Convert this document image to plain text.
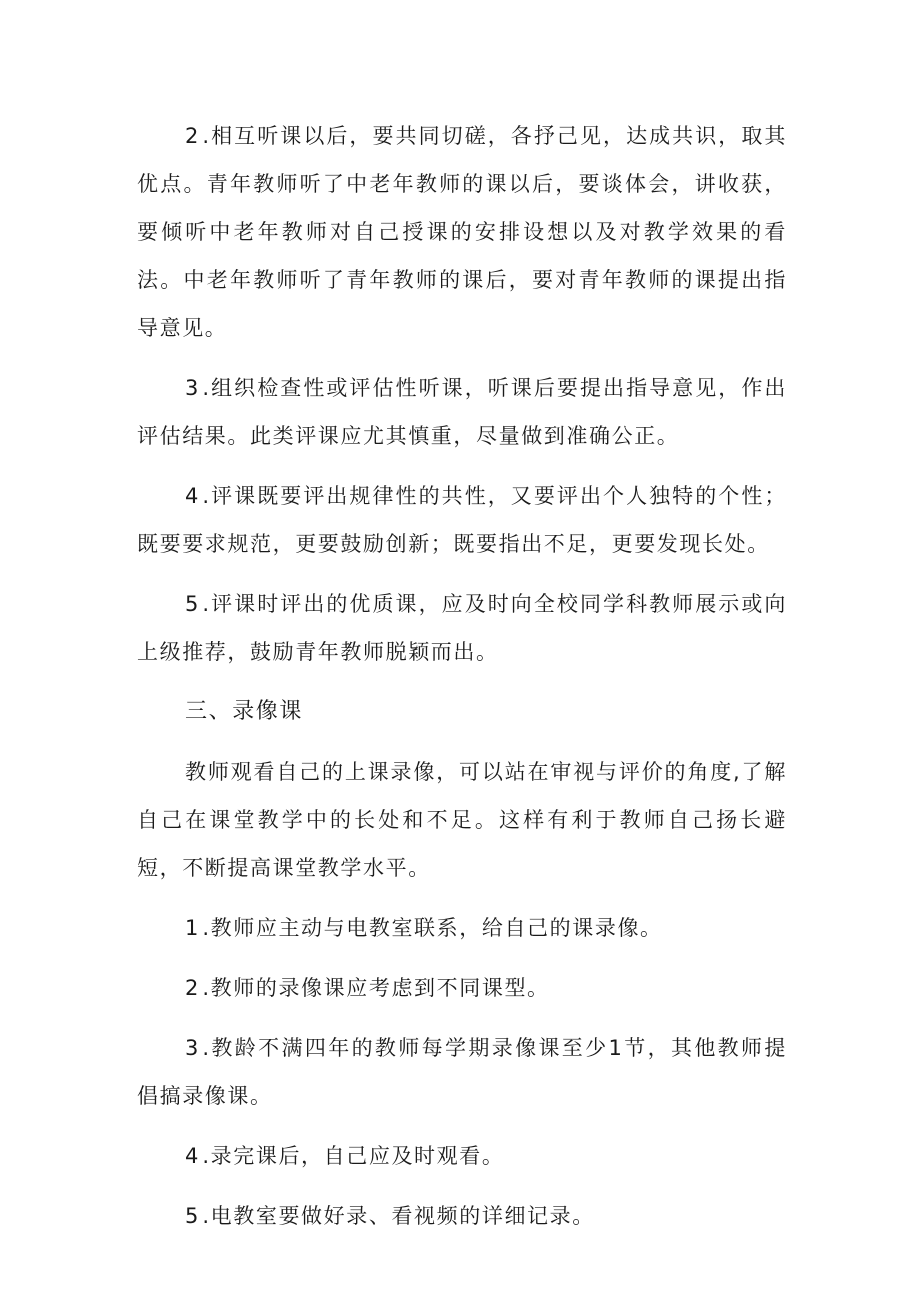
2.相互听课以后，要共同切磋，各抒己见，达成共识，取其优点。青年教师听了中老年教师的课以后，要谈体会，讲收获，要倾听中老年教师对自己授课的安排设想以及对教学效果的看法。中老年教师听了青年教师的课后，要对青年教师的课提出指导意见。

3.组织检查性或评估性听课，听课后要提出指导意见，作出评估结果。此类评课应尤其慎重，尽量做到准确公正。

4.评课既要评出规律性的共性，又要评出个人独特的个性；既要要求规范，更要鼓励创新；既要指出不足，更要发现长处。

5.评课时评出的优质课，应及时向全校同学科教师展示或向上级推荐，鼓励青年教师脱颖而出。

三、录像课

教师观看自己的上课录像，可以站在审视与评价的角度,了解自己在课堂教学中的长处和不足。这样有利于教师自己扬长避短，不断提高课堂教学水平。

1.教师应主动与电教室联系，给自己的课录像。

2.教师的录像课应考虑到不同课型。

3.教龄不满四年的教师每学期录像课至少1节，其他教师提倡搞录像课。

4.录完课后，自己应及时观看。

5.电教室要做好录、看视频的详细记录。
